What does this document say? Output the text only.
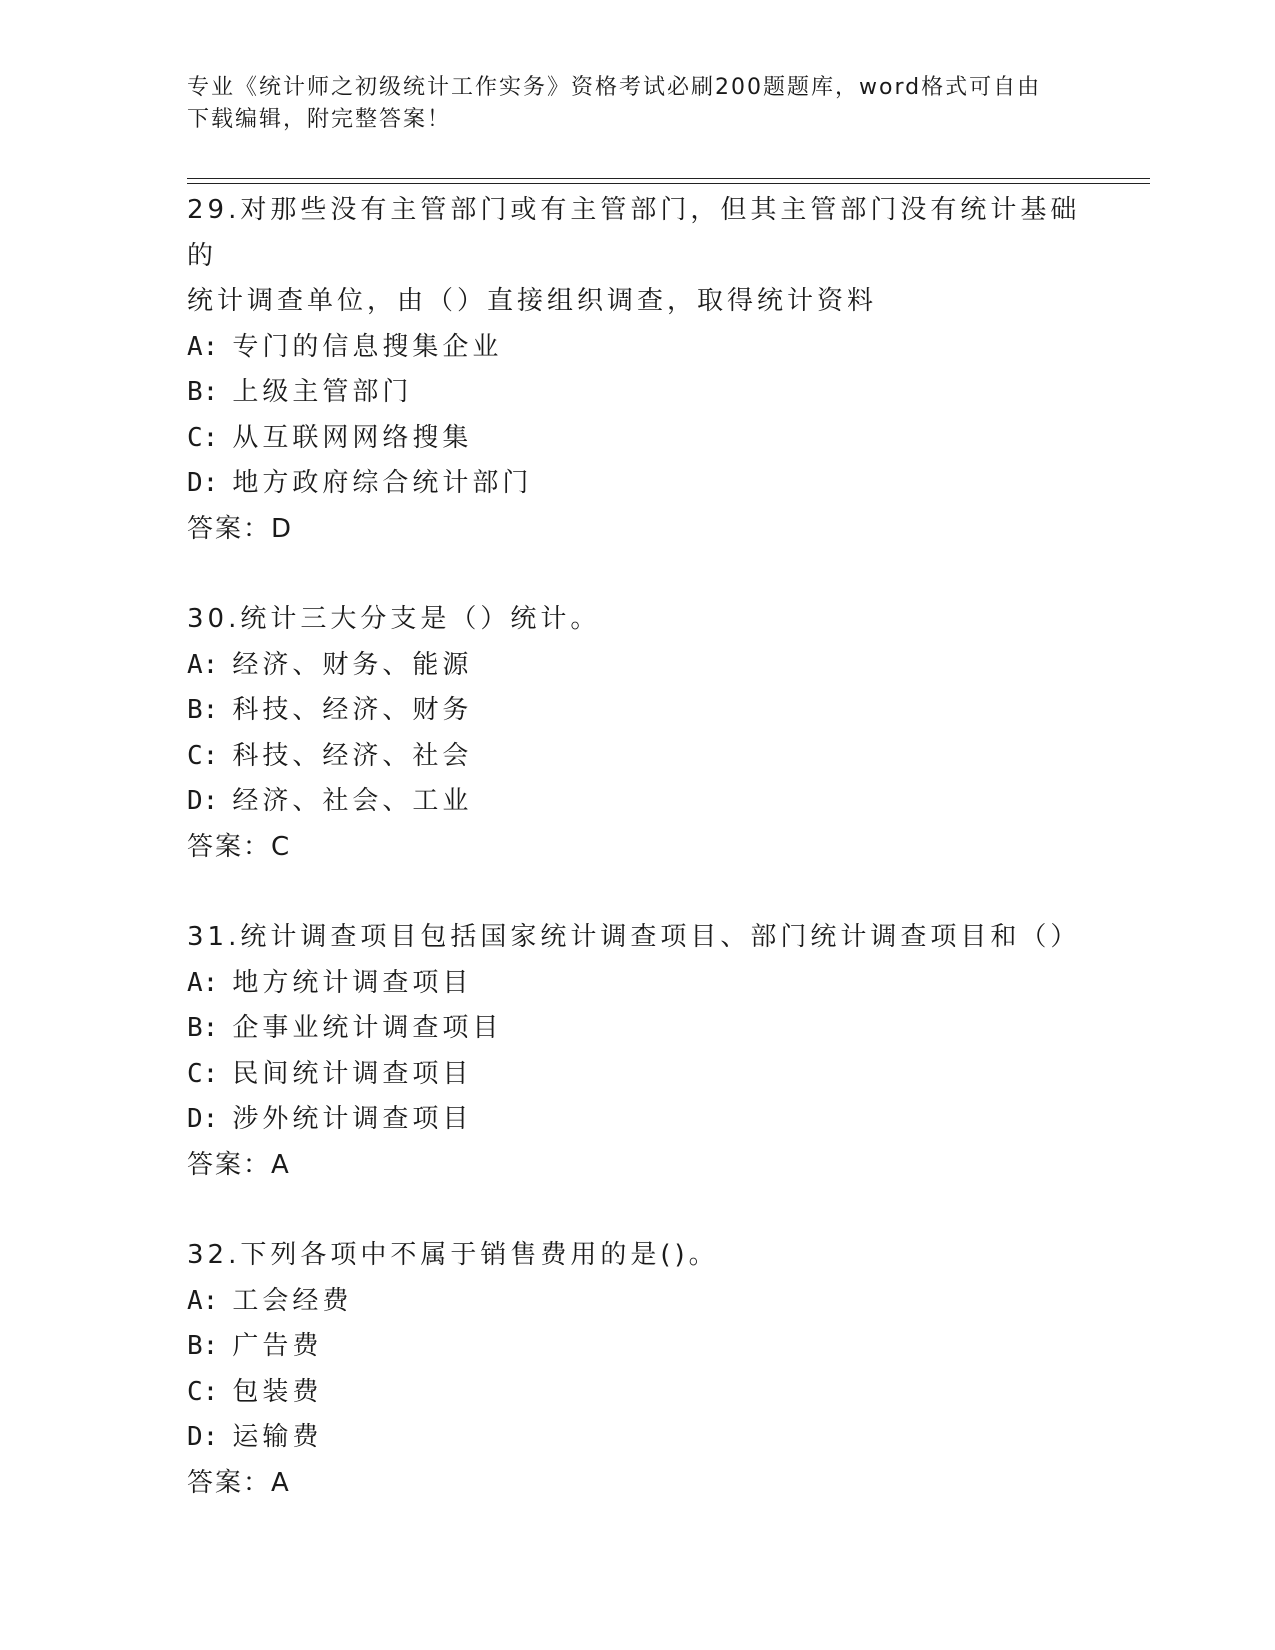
专业《统计师之初级统计工作实务》资格考试必刷200题题库，word格式可自由
下载编辑，附完整答案！
29.对那些没有主管部门或有主管部门，但其主管部门没有统计基础的
统计调查单位，由（）直接组织调查，取得统计资料
A: 专门的信息搜集企业
B: 上级主管部门
C: 从互联网网络搜集
D: 地方政府综合统计部门
答案：D
30.统计三大分支是（）统计。
A: 经济、财务、能源
B: 科技、经济、财务
C: 科技、经济、社会
D: 经济、社会、工业
答案：C
31.统计调查项目包括国家统计调查项目、部门统计调查项目和（）
A: 地方统计调查项目
B: 企事业统计调查项目
C: 民间统计调查项目
D: 涉外统计调查项目
答案：A
32.下列各项中不属于销售费用的是()。
A: 工会经费
B: 广告费
C: 包装费
D: 运输费
答案：A
